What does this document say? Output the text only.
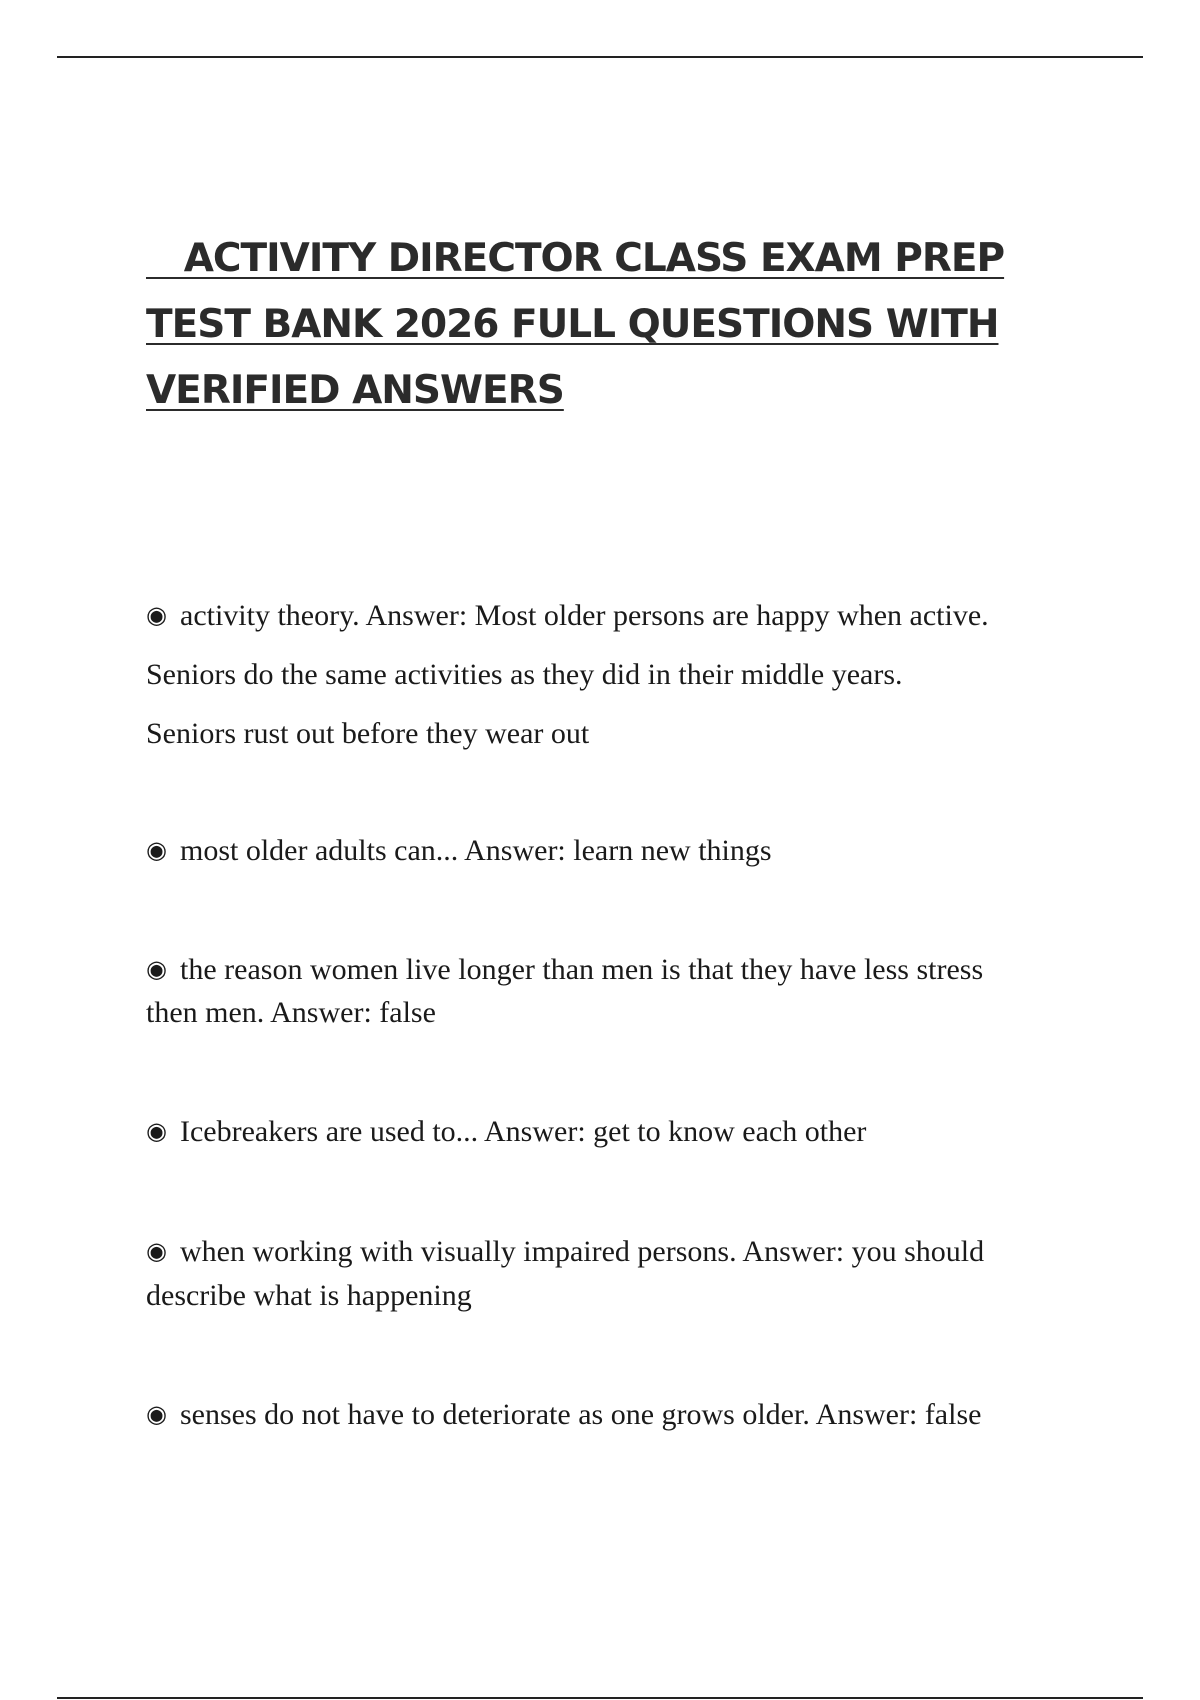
ACTIVITY DIRECTOR CLASS EXAM PREP
TEST BANK 2026 FULL QUESTIONS WITH
VERIFIED ANSWERS
◉ activity theory. Answer: Most older persons are happy when active.
Seniors do the same activities as they did in their middle years.
Seniors rust out before they wear out
◉ most older adults can... Answer: learn new things
◉ the reason women live longer than men is that they have less stress
then men. Answer: false
◉ Icebreakers are used to... Answer: get to know each other
◉ when working with visually impaired persons. Answer: you should
describe what is happening
◉ senses do not have to deteriorate as one grows older. Answer: false
